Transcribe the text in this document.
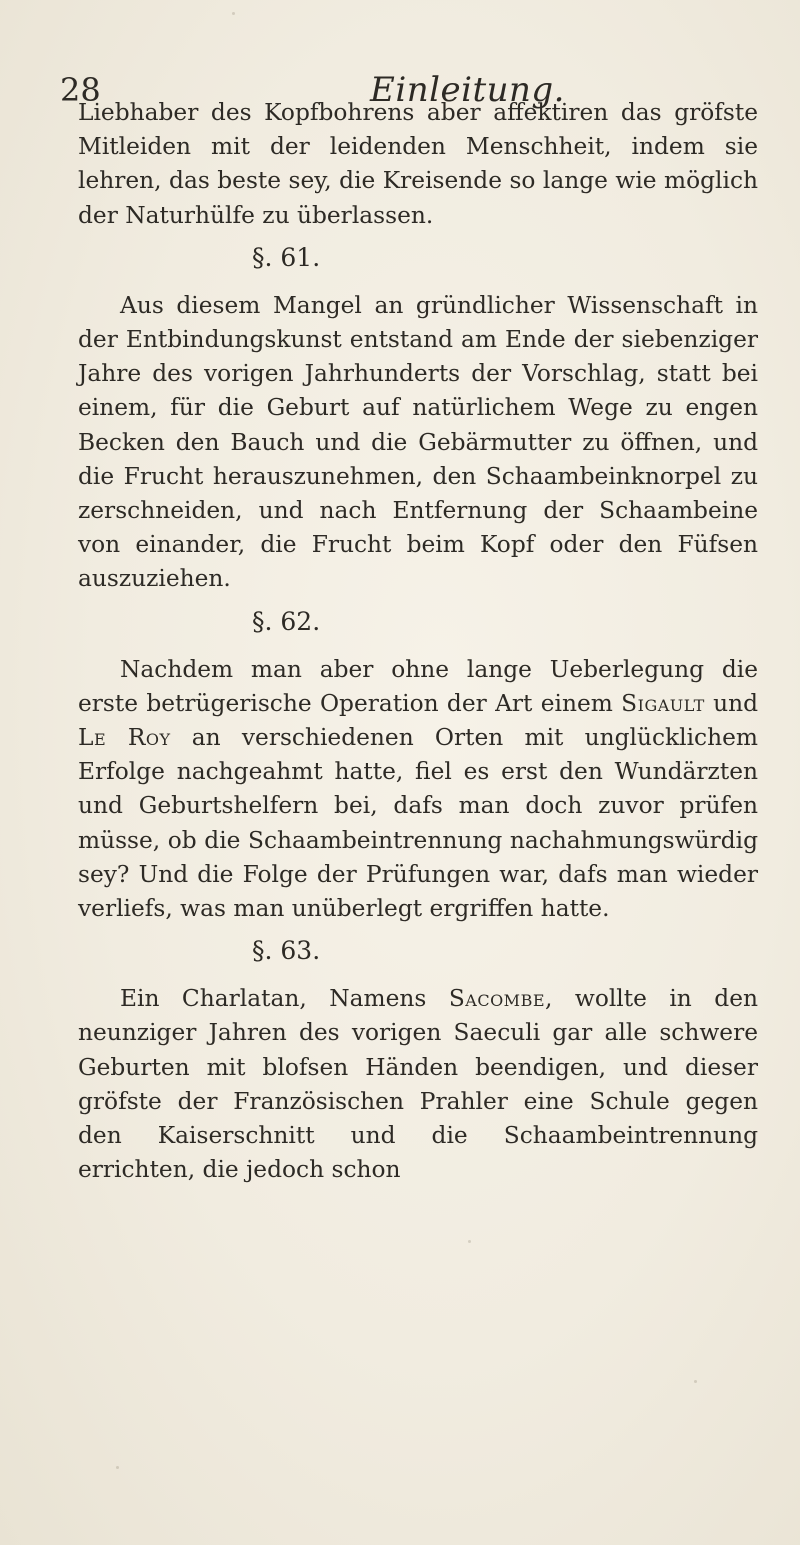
28	Einleitung.

Liebhaber des Kopfbohrens aber affektiren das gröfste Mitleiden mit der leidenden Menschheit, indem sie lehren, das beste sey, die Kreisende so lange wie möglich der Naturhülfe zu überlassen.

§. 61.

Aus diesem Mangel an gründlicher Wissenschaft in der Entbindungskunst entstand am Ende der siebenziger Jahre des vorigen Jahrhunderts der Vorschlag, statt bei einem, für die Geburt auf natürlichem Wege zu engen Becken den Bauch und die Gebärmutter zu öffnen, und die Frucht herauszunehmen, den Schaambeinknorpel zu zerschneiden, und nach Entfernung der Schaambeine von einander, die Frucht beim Kopf oder den Füfsen auszuziehen.

§. 62.

Nachdem man aber ohne lange Ueberlegung die erste betrügerische Operation der Art einem Sigault und Le Roy an verschiedenen Orten mit unglücklichem Erfolge nachgeahmt hatte, fiel es erst den Wundärzten und Geburtshelfern bei, dafs man doch zuvor prüfen müsse, ob die Schaambeintrennung nachahmungswürdig sey? Und die Folge der Prüfungen war, dafs man wieder verliefs, was man unüberlegt ergriffen hatte.

§. 63.

Ein Charlatan, Namens Sacombe, wollte in den neunziger Jahren des vorigen Saeculi gar alle schwere Geburten mit blofsen Händen beendigen, und dieser gröfste der Französischen Prahler eine Schule gegen den Kaiserschnitt und die Schaambeintrennung errichten, die jedoch schon
